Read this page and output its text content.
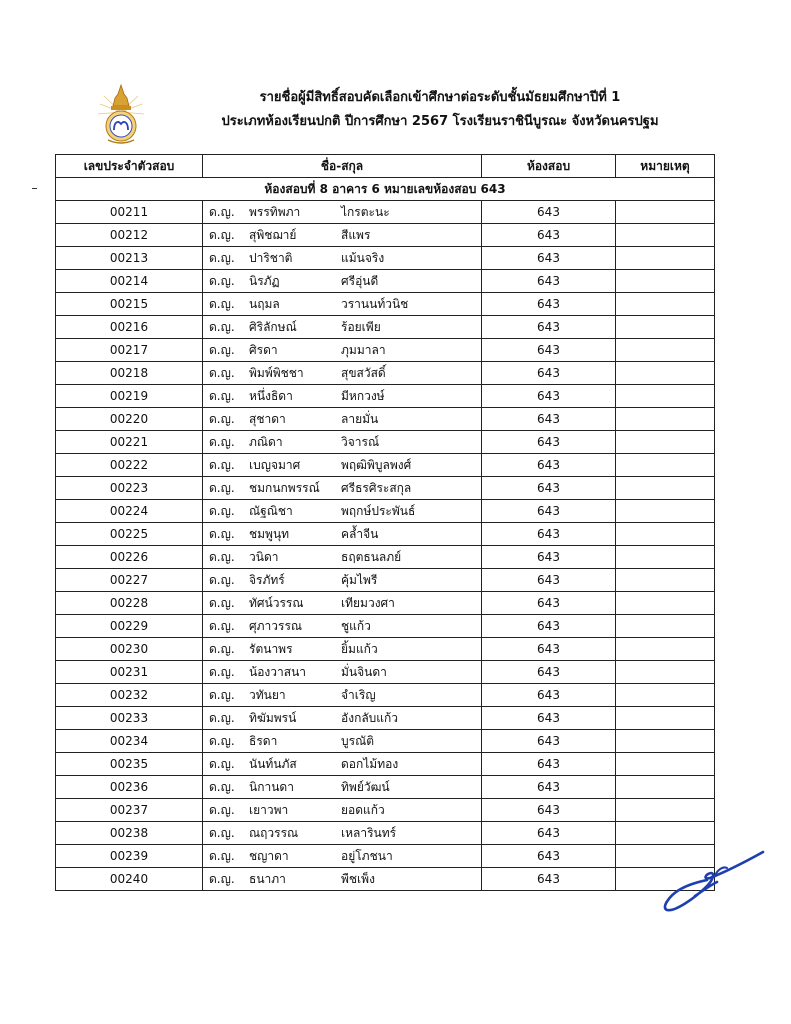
รายชื่อผู้มีสิทธิ์สอบคัดเลือกเข้าศึกษาต่อระดับชั้นมัธยมศึกษาปีที่ 1
ประเภทห้องเรียนปกติ ปีการศึกษา 2567 โรงเรียนราชินีบูรณะ จังหวัดนครปฐม
เลขประจำตัวสอบ	ชื่อ-สกุล	ห้องสอบ	หมายเหตุ
ห้องสอบที่ 8 อาคาร 6 หมายเลขห้องสอบ 643			
00211	ด.ญ. พรรทิพภา ไกรตะนะ	643	
00212	ด.ญ. สุพิชฌาย์ สีแพร	643	
00213	ด.ญ. ปาริชาติ แม้นจริง	643	
00214	ด.ญ. นิรภัฏ ศรีอุ่นดี	643	
00215	ด.ญ. นฤมล วรานนท์วนิช	643	
00216	ด.ญ. ศิริลักษณ์ ร้อยเพีย	643	
00217	ด.ญ. ศิรดา ภุมมาลา	643	
00218	ด.ญ. พิมพ์พิชชา สุขสวัสดิ์	643	
00219	ด.ญ. หนึ่งธิดา มีหกวงษ์	643	
00220	ด.ญ. สุชาดา ลายมั่น	643	
00221	ด.ญ. ภณิดา วิจารณ์	643	
00222	ด.ญ. เบญจมาศ พฤฒิพิบูลพงศ์	643	
00223	ด.ญ. ชมกนกพรรณ์ ศรีธรศิระสกุล	643	
00224	ด.ญ. ณัฐณิชา พฤกษ์ประพันธ์	643	
00225	ด.ญ. ชมพูนุท คล้ำจีน	643	
00226	ด.ญ. วนิดา ธฤตธนลภย์	643	
00227	ด.ญ. จิรภัทร์ คุ้มไพรี	643	
00228	ด.ญ. ทัศน์วรรณ เทียมวงศา	643	
00229	ด.ญ. ศุภาวรรณ ชูแก้ว	643	
00230	ด.ญ. รัตนาพร ยิ้มแก้ว	643	
00231	ด.ญ. น้องวาสนา มั่นจินดา	643	
00232	ด.ญ. วทันยา จำเริญ	643	
00233	ด.ญ. ทิฆัมพรน์ อังกลับแก้ว	643	
00234	ด.ญ. ธิรดา บูรณัติ	643	
00235	ด.ญ. นันท์นภัส ดอกไม้ทอง	643	
00236	ด.ญ. นิกานดา ทิพย์วัฒน์	643	
00237	ด.ญ. เยาวพา ยอดแก้ว	643	
00238	ด.ญ. ณฤวรรณ เหลารินทร์	643	
00239	ด.ญ. ชญาดา อยู่โภชนา	643	
00240	ด.ญ. ธนาภา พืชเพ็ง	643	
